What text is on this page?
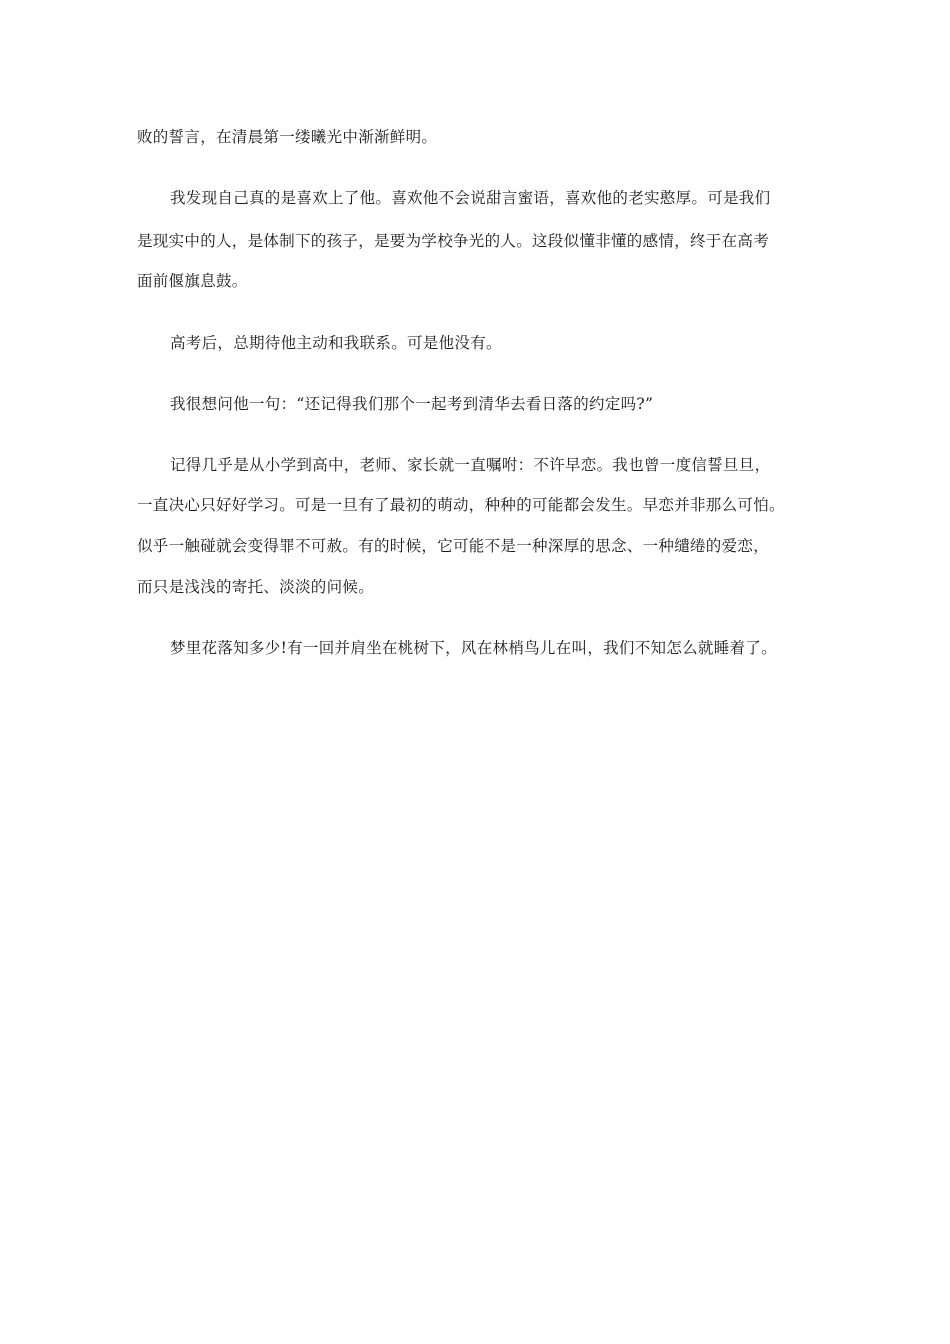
败的誓言，在清晨第一缕曦光中渐渐鲜明。
我发现自己真的是喜欢上了他。喜欢他不会说甜言蜜语，喜欢他的老实憨厚。可是我们
是现实中的人，是体制下的孩子，是要为学校争光的人。这段似懂非懂的感情，终于在高考
面前偃旗息鼓。
高考后，总期待他主动和我联系。可是他没有。
我很想问他一句：“还记得我们那个一起考到清华去看日落的约定吗?”
记得几乎是从小学到高中，老师、家长就一直嘱咐：不许早恋。我也曾一度信誓旦旦，
一直决心只好好学习。可是一旦有了最初的萌动，种种的可能都会发生。早恋并非那么可怕。
似乎一触碰就会变得罪不可赦。有的时候，它可能不是一种深厚的思念、一种缱绻的爱恋，
而只是浅浅的寄托、淡淡的问候。
梦里花落知多少!有一回并肩坐在桃树下，风在林梢鸟儿在叫，我们不知怎么就睡着了。
